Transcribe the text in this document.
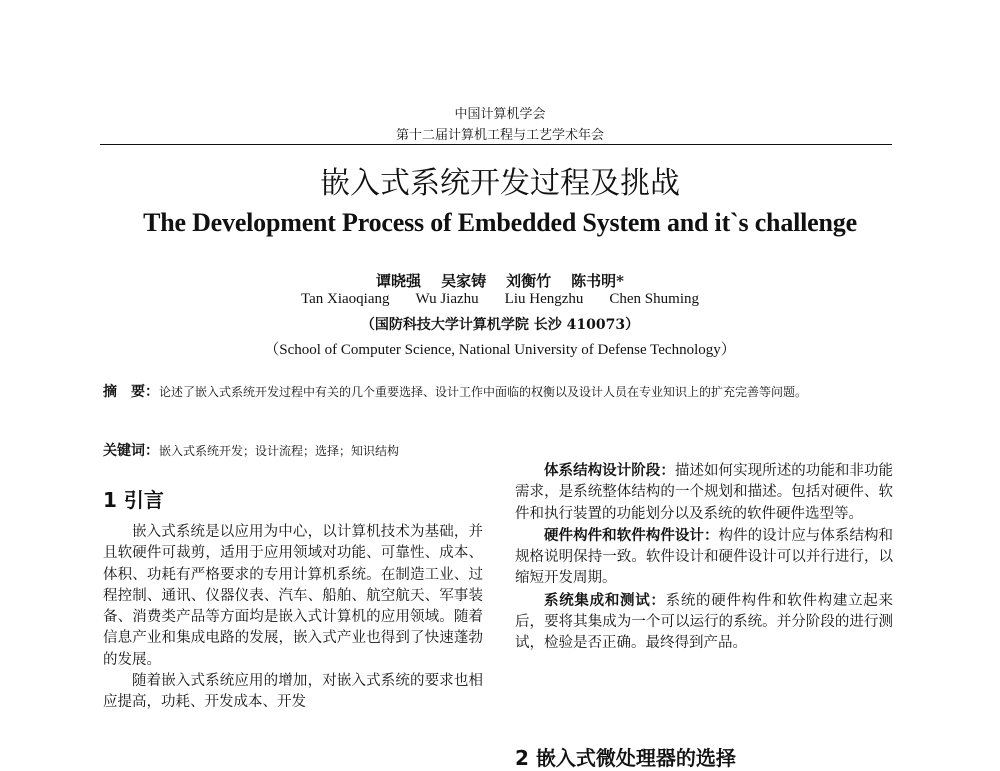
中国计算机学会
第十二届计算机工程与工艺学术年会
嵌入式系统开发过程及挑战
The Development Process of Embedded System and it`s challenge
谭晓强 吴家铸 刘衡竹 陈书明*
Tan Xiaoqiang Wu Jiazhu Liu Hengzhu Chen Shuming
（国防科技大学计算机学院 长沙 410073）
（School of Computer Science, National University of Defense Technology）
摘　要：论述了嵌入式系统开发过程中有关的几个重要选择、设计工作中面临的权衡以及设计人员在专业知识上的扩充完善等问题。
关键词：嵌入式系统开发；设计流程；选择；知识结构
1 引言

嵌入式系统是以应用为中心，以计算机技术为基础，并且软硬件可裁剪，适用于应用领域对功能、可靠性、成本、体积、功耗有严格要求的专用计算机系统。在制造工业、过程控制、通讯、仪器仪表、汽车、船舶、航空航天、军事装备、消费类产品等方面均是嵌入式计算机的应用领域。随着信息产业和集成电路的发展，嵌入式产业也得到了快速蓬勃的发展。

随着嵌入式系统应用的增加，对嵌入式系统的要求也相应提高，功耗、开发成本、开发

体系结构设计阶段：描述如何实现所述的功能和非功能需求，是系统整体结构的一个规划和描述。包括对硬件、软件和执行装置的功能划分以及系统的软件硬件选型等。

硬件构件和软件构件设计：构件的设计应与体系结构和规格说明保持一致。软件设计和硬件设计可以并行进行，以缩短开发周期。

系统集成和测试：系统的硬件构件和软件构建立起来后，要将其集成为一个可以运行的系统。并分阶段的进行测试，检验是否正确。最终得到产品。

2 嵌入式微处理器的选择
